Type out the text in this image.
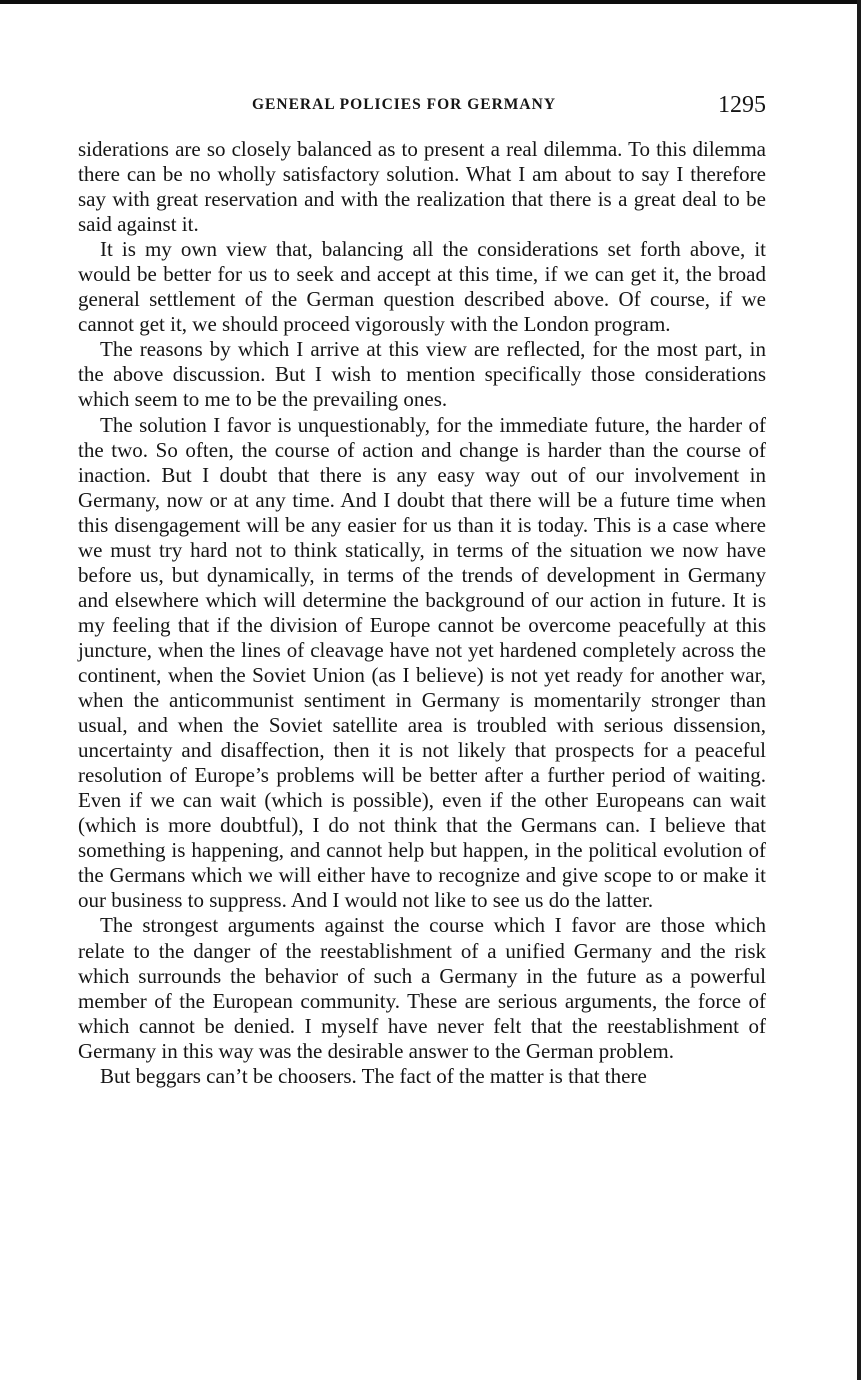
GENERAL POLICIES FOR GERMANY	1295

siderations are so closely balanced as to present a real dilemma. To this dilemma there can be no wholly satisfactory solution. What I am about to say I therefore say with great reservation and with the realization that there is a great deal to be said against it.

It is my own view that, balancing all the considerations set forth above, it would be better for us to seek and accept at this time, if we can get it, the broad general settlement of the German question described above. Of course, if we cannot get it, we should proceed vigorously with the London program.

The reasons by which I arrive at this view are reflected, for the most part, in the above discussion. But I wish to mention specifically those considerations which seem to me to be the prevailing ones.

The solution I favor is unquestionably, for the immediate future, the harder of the two. So often, the course of action and change is harder than the course of inaction. But I doubt that there is any easy way out of our involvement in Germany, now or at any time. And I doubt that there will be a future time when this disengagement will be any easier for us than it is today. This is a case where we must try hard not to think statically, in terms of the situation we now have before us, but dynamically, in terms of the trends of development in Germany and elsewhere which will determine the background of our action in future. It is my feeling that if the division of Europe cannot be overcome peacefully at this juncture, when the lines of cleavage have not yet hardened completely across the continent, when the Soviet Union (as I believe) is not yet ready for another war, when the anticommunist sentiment in Germany is momentarily stronger than usual, and when the Soviet satellite area is troubled with serious dissension, uncertainty and disaffection, then it is not likely that prospects for a peaceful resolution of Europe’s problems will be better after a further period of waiting. Even if we can wait (which is possible), even if the other Europeans can wait (which is more doubtful), I do not think that the Germans can. I believe that something is happening, and cannot help but happen, in the political evolution of the Germans which we will either have to recognize and give scope to or make it our business to suppress. And I would not like to see us do the latter.

The strongest arguments against the course which I favor are those which relate to the danger of the reestablishment of a unified Germany and the risk which surrounds the behavior of such a Germany in the future as a powerful member of the European community. These are serious arguments, the force of which cannot be denied. I myself have never felt that the reestablishment of Germany in this way was the desirable answer to the German problem.

But beggars can’t be choosers. The fact of the matter is that there
